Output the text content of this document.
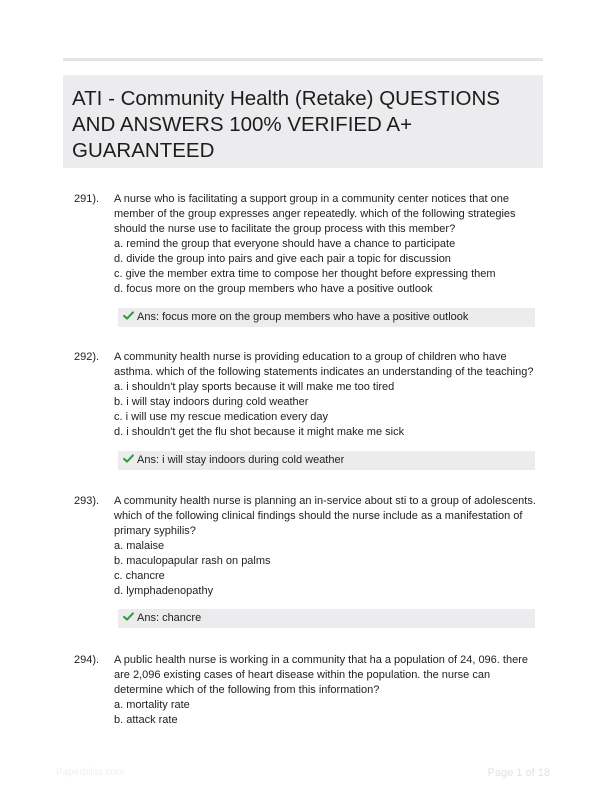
ATI - Community Health (Retake) QUESTIONS AND ANSWERS 100% VERIFIED A+ GUARANTEED
291). A nurse who is facilitating a support group in a community center notices that one member of the group expresses anger repeatedly. which of the following strategies should the nurse use to facilitate the group process with this member?

a. remind the group that everyone should have a chance to participate

d. divide the group into pairs and give each pair a topic for discussion

c. give the member extra time to compose her thought before expressing them

d. focus more on the group members who have a positive outlook

Ans: focus more on the group members who have a positive outlook
292). A community health nurse is providing education to a group of children who have asthma. which of the following statements indicates an understanding of the teaching?

a. i shouldn't play sports because it will make me too tired

b. i will stay indoors during cold weather

c. i will use my rescue medication every day

d. i shouldn't get the flu shot because it might make me sick

Ans: i will stay indoors during cold weather
293). A community health nurse is planning an in-service about sti to a group of adolescents. which of the following clinical findings should the nurse include as a manifestation of primary syphilis?

a. malaise

b. maculopapular rash on palms

c. chancre

d. lymphadenopathy

Ans: chancre
294). A public health nurse is working in a community that ha a population of 24, 096. there are 2,096 existing cases of heart disease within the population. the nurse can determine which of the following from this information?

a. mortality rate

b. attack rate

Paperbliss.com	Page 1 of 18
